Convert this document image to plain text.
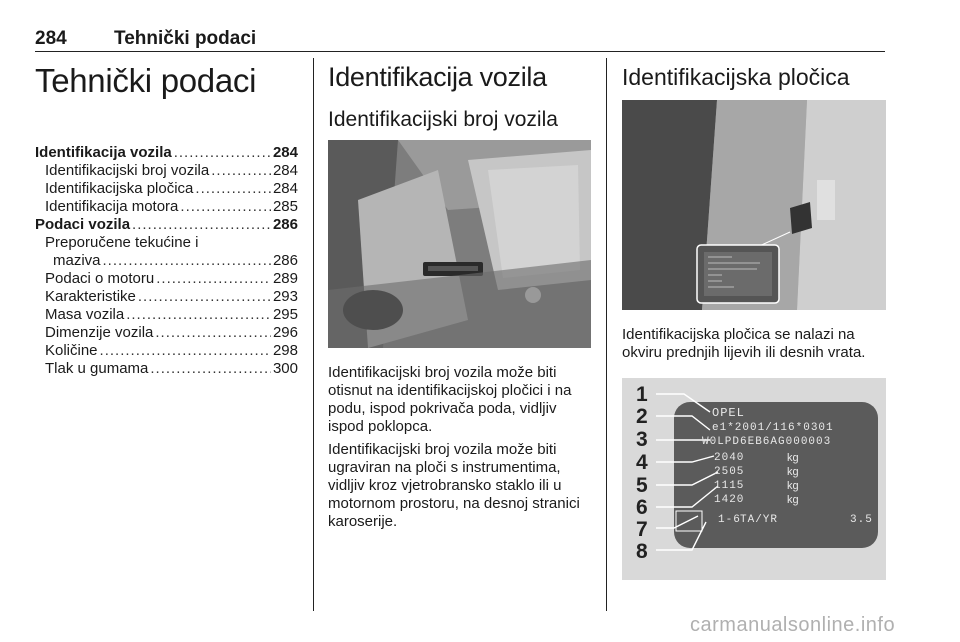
284 Tehnički podaci
Tehnički podaci
Identifikacija vozila .....	284
Identifikacijski broj vozila .....	284
Identifikacijska pločica .....	284
Identifikacija motora .....	285
Podaci vozila .....	286
Preporučene tekućine i
maziva .....	286
Podaci o motoru .....	289
Karakteristike .....	293
Masa vozila .....	295
Dimenzije vozila .....	296
Količine .....	298
Tlak u gumama .....	300
Identifikacija vozila
Identifikacijski broj vozila

Identifikacijski broj vozila može biti otisnut na identifikacijskoj pločici i na podu, ispod pokrivača poda, vidljiv ispod poklopca.

Identifikacijski broj vozila može biti ugraviran na ploči s instrumentima, vidljiv kroz vjetrobransko staklo ili u motornom prostoru, na desnoj stranici karoserije.

Identifikacijska pločica

Identifikacijska pločica se nalazi na okviru prednjih lijevih ili desnih vrata.

1
2
3
4
5
6
7
8
OPEL
e1*2001/116*0301
W0LPD6EB6AG000003
2040	kg
2505	kg
1115	kg
1420	kg
1-6 TA/YR	3.5
carmanualsonline.info
